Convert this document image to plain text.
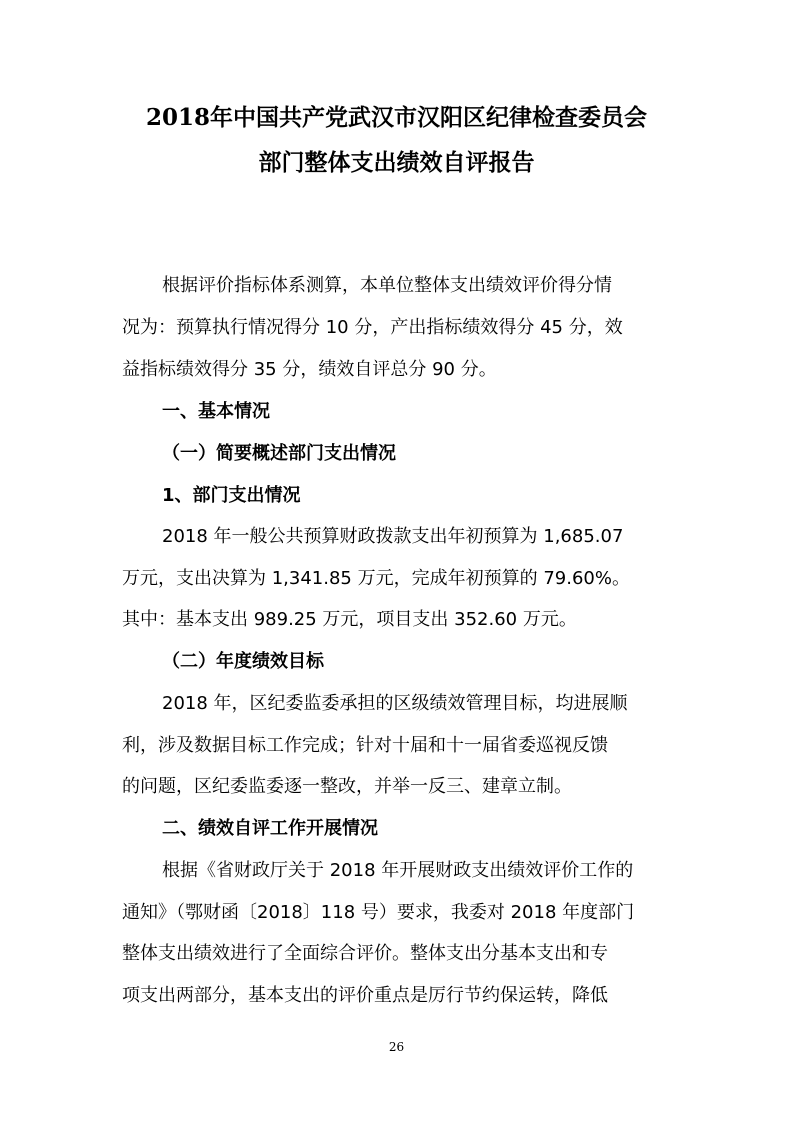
2018年中国共产党武汉市汉阳区纪律检查委员会
部门整体支出绩效自评报告

根据评价指标体系测算，本单位整体支出绩效评价得分情

况为：预算执行情况得分 10 分，产出指标绩效得分 45 分，效

益指标绩效得分 35 分，绩效自评总分 90 分。

一、基本情况
（一）简要概述部门支出情况
1、部门支出情况

2018 年一般公共预算财政拨款支出年初预算为 1,685.07

万元，支出决算为 1,341.85 万元，完成年初预算的 79.60%。

其中：基本支出 989.25 万元，项目支出 352.60 万元。

（二）年度绩效目标

2018 年，区纪委监委承担的区级绩效管理目标，均进展顺

利，涉及数据目标工作完成；针对十届和十一届省委巡视反馈

的问题，区纪委监委逐一整改，并举一反三、建章立制。

二、绩效自评工作开展情况

根据《省财政厅关于 2018 年开展财政支出绩效评价工作的

通知》（鄂财函〔2018〕118 号）要求，我委对 2018 年度部门

整体支出绩效进行了全面综合评价。整体支出分基本支出和专

项支出两部分，基本支出的评价重点是厉行节约保运转，降低

26
